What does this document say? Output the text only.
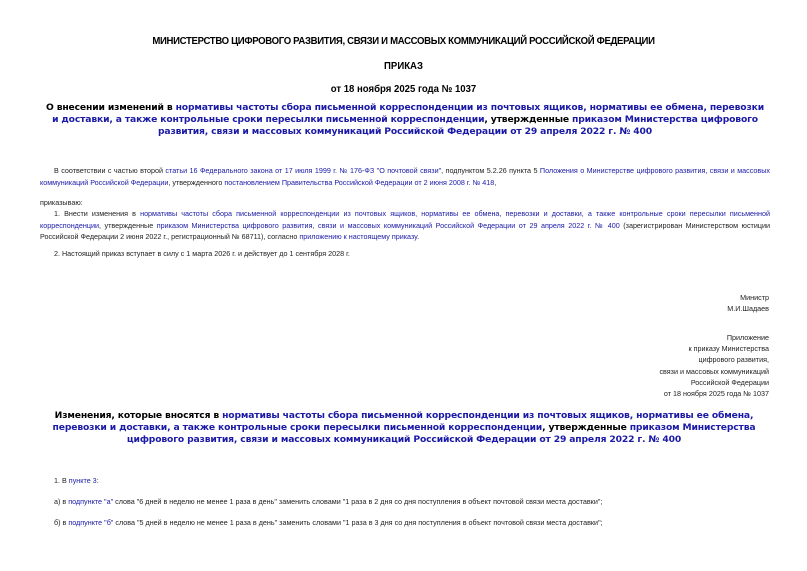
МИНИСТЕРСТВО ЦИФРОВОГО РАЗВИТИЯ, СВЯЗИ И МАССОВЫХ КОММУНИКАЦИЙ РОССИЙСКОЙ ФЕДЕРАЦИИ
ПРИКАЗ
от 18 ноября 2025 года № 1037
О внесении изменений в нормативы частоты сбора письменной корреспонденции из почтовых ящиков, нормативы ее обмена, перевозки и доставки, а также контрольные сроки пересылки письменной корреспонденции, утвержденные приказом Министерства цифрового развития, связи и массовых коммуникаций Российской Федерации от 29 апреля 2022 г. № 400
В соответствии с частью второй статьи 16 Федерального закона от 17 июля 1999 г. № 176-ФЗ "О почтовой связи", подпунктом 5.2.26 пункта 5 Положения о Министерстве цифрового развития, связи и массовых коммуникаций Российской Федерации, утвержденного постановлением Правительства Российской Федерации от 2 июня 2008 г. № 418,
приказываю:
1. Внести изменения в нормативы частоты сбора письменной корреспонденции из почтовых ящиков, нормативы ее обмена, перевозки и доставки, а также контрольные сроки пересылки письменной корреспонденции, утвержденные приказом Министерства цифрового развития, связи и массовых коммуникаций Российской Федерации от 29 апреля 2022 г. № 400 (зарегистрирован Министерством юстиции Российской Федерации 2 июня 2022 г., регистрационный № 68711), согласно приложению к настоящему приказу.
2. Настоящий приказ вступает в силу с 1 марта 2026 г. и действует до 1 сентября 2028 г.
Министр
М.И.Шадаев
Приложение
к приказу Министерства
цифрового развития,
связи и массовых коммуникаций
Российской Федерации
от 18 ноября 2025 года № 1037
Изменения, которые вносятся в нормативы частоты сбора письменной корреспонденции из почтовых ящиков, нормативы ее обмена, перевозки и доставки, а также контрольные сроки пересылки письменной корреспонденции, утвержденные приказом Министерства цифрового развития, связи и массовых коммуникаций Российской Федерации от 29 апреля 2022 г. № 400
1. В пункте 3:
а) в подпункте "а" слова "6 дней в неделю не менее 1 раза в день" заменить словами "1 раза в 2 дня со дня поступления в объект почтовой связи места доставки";
б) в подпункте "б" слова "5 дней в неделю не менее 1 раза в день" заменить словами "1 раза в 3 дня со дня поступления в объект почтовой связи места доставки";
